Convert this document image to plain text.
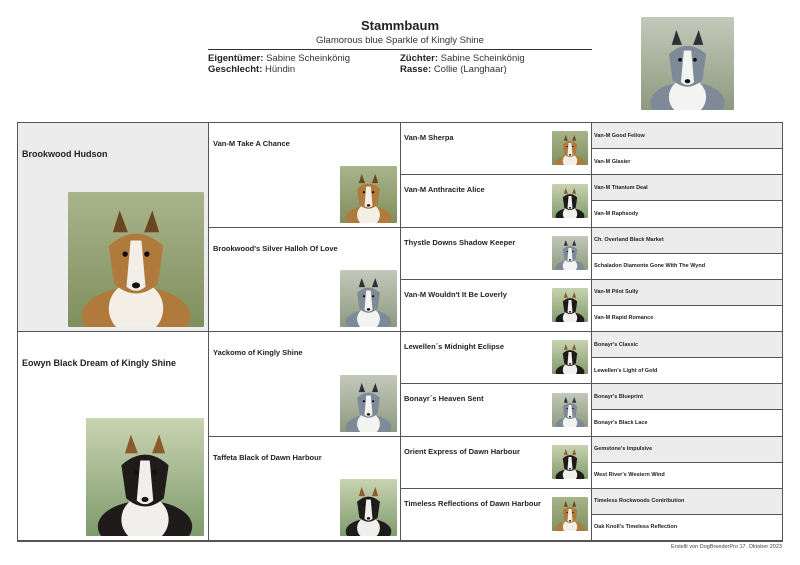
Stammbaum
Glamorous blue Sparkle of Kingly Shine
Eigentümer: Sabine Scheinkönig
Geschlecht: Hündin
Züchter: Sabine Scheinkönig
Rasse: Collie (Langhaar)
Brookwood Hudson
Eowyn Black Dream of Kingly Shine
Van-M Take A Chance
Brookwood's Silver Halloh Of Love
Yackomo of Kingly Shine
Taffeta Black of Dawn Harbour
Van-M Sherpa
Van-M Anthracite Alice
Thystle Downs Shadow Keeper
Van-M Wouldn't It Be Loverly
Lewellen´s Midnight Eclipse
Bonayr´s Heaven Sent
Orient Express of Dawn Harbour
Timeless Reflections of Dawn Harbour
Van-M Good Fellow
Van-M Glasier
Van-M Titanium Deal
Van-M Raphsody
Ch. Overland Black Market
Schaladon Diamonte Gone With The Wynd
Van-M Pilot Sully
Van-M Rapid Romance
Bonayr's Classic
Lewellen's Light of Gold
Bonayr's Blueprint
Bonayr's Black Lace
Gemstone's Impulsive
West River's Western Wind
Timeless Rockwoods Contribution
Oak Knoll's Timeless Reflection
Erstellt von DogBreederPro 17. Oktober 2023
